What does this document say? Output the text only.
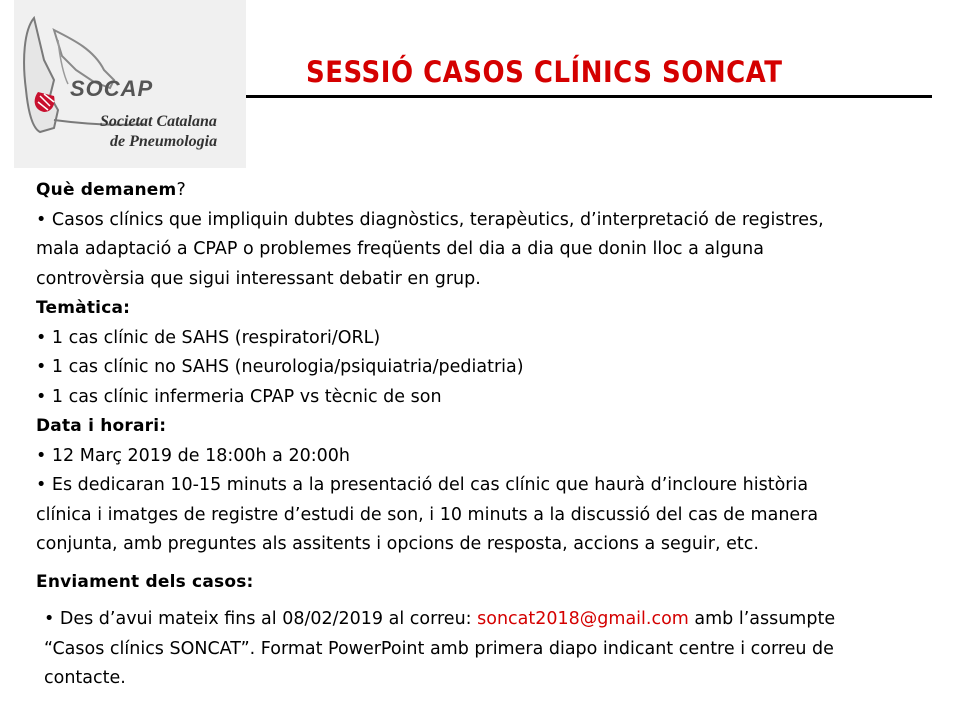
SOCAP
Societat Catalana
de Pneumologia
SESSIÓ CASOS CLÍNICS SONCAT
Què demanem?
• Casos clínics que impliquin dubtes diagnòstics, terapèutics, d’interpretació de registres,
mala adaptació a CPAP o problemes freqüents del dia a dia que donin lloc a alguna
controvèrsia que sigui interessant debatir en grup.
Temàtica:
• 1 cas clínic de SAHS (respiratori/ORL)
• 1 cas clínic no SAHS (neurologia/psiquiatria/pediatria)
• 1 cas clínic infermeria CPAP vs tècnic de son
Data i horari:
• 12 Març 2019 de 18:00h a 20:00h
• Es dedicaran 10-15 minuts a la presentació del cas clínic que haurà d’incloure història
clínica i imatges de registre d’estudi de son, i 10 minuts a la discussió del cas de manera
conjunta, amb preguntes als assitents i opcions de resposta, accions a seguir, etc.
Enviament dels casos:
• Des d’avui mateix fins al 08/02/2019 al correu: soncat2018@gmail.com amb l’assumpte
“Casos clínics SONCAT”. Format PowerPoint amb primera diapo indicant centre i correu de
contacte.
